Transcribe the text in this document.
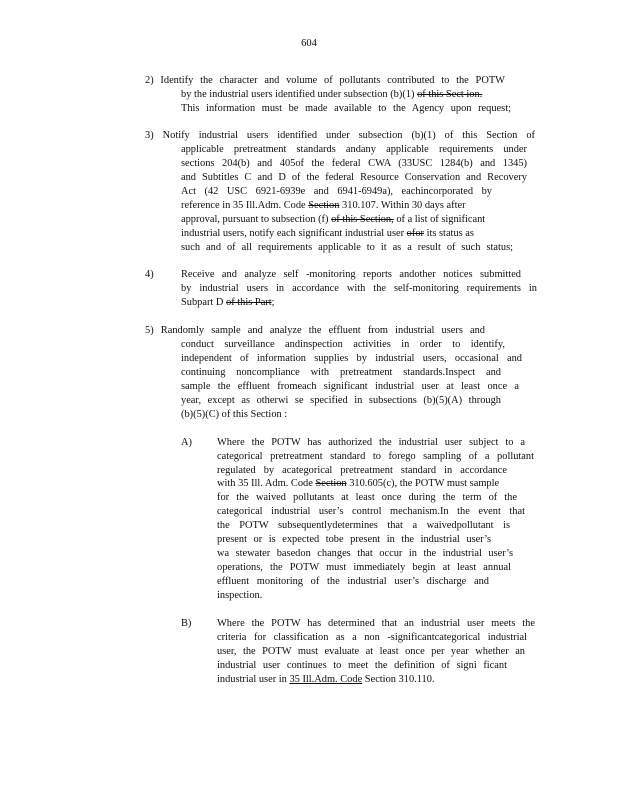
604
2) Identify the character and volume of pollutants contributed to the POTW
by the industrial users identified under subsection (b)(1) of this Sect ion.
This information must be made available to the Agency upon request;
3) Notify industrial users identified under subsection (b)(1) of this Section of
applicable pretreatment standards andany applicable requirements under
sections 204(b) and 405of the federal CWA (33USC 1284(b) and 1345)
and Subtitles C and D of the federal Resource Conservation and Recovery
Act (42 USC 6921-6939e and 6941-6949a), eachincorporated by
reference in 35 Ill.Adm. Code Section 310.107. Within 30 days after
approval, pursuant to subsection (f) of this Section, of a list of significant
industrial users, notify each significant industrial user ofor its status as
such and of all requirements applicable to it as a result of such status;
4)	Receive and analyze self -monitoring reports andother notices submitted
by industrial users in accordance with the self-monitoring requirements in
Subpart D of this Part;
5) Randomly sample and analyze the effluent from industrial users and
conduct surveillance andinspection activities in order to identify,
independent of information supplies by industrial users, occasional and
continuing noncompliance with pretreatment standards.Inspect and
sample the effluent fromeach significant industrial user at least once a
year, except as otherwi se specified in subsections (b)(5)(A) through
(b)(5)(C) of this Section :
A) Where the POTW has authorized the industrial user subject to a
categorical pretreatment standard to forego sampling of a pollutant
regulated by acategorical pretreatment standard in accordance
with 35 Ill. Adm. Code Section 310.605(c), the POTW must sample
for the waived pollutants at least once during the term of the
categorical industrial user’s control mechanism.In the event that
the POTW subsequentlydetermines that a waivedpollutant is
present or is expected tobe present in the industrial user’s
wa stewater basedon changes that occur in the industrial user’s
operations, the POTW must immediately begin at least annual
effluent monitoring of the industrial user’s discharge and
inspection.
B) Where the POTW has determined that an industrial user meets the
criteria for classification as a non -significantcategorical industrial
user, the POTW must evaluate at least once per year whether an
industrial user continues to meet the definition of signi ficant
industrial user in 35 Ill.Adm. Code Section 310.110.
